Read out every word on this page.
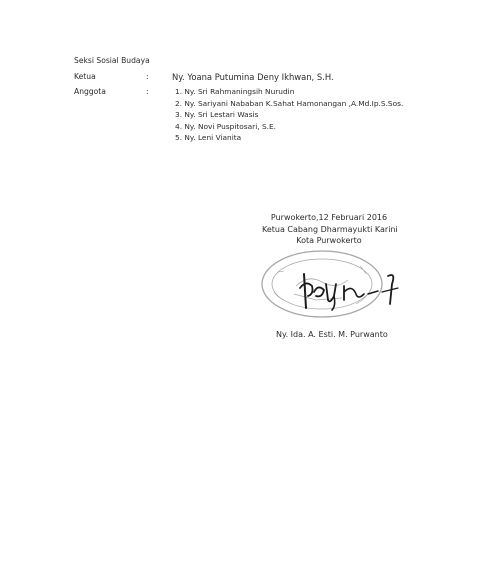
Seksi Sosial Budaya
Ketua	:	Ny. Yoana Putumina Deny Ikhwan, S.H.
Anggota	:	1. Ny. Sri Rahmaningsih Nurudin
2. Ny. Sariyani Nababan K.Sahat Hamonangan ,A.Md.Ip.S.Sos.
3. Ny. Sri Lestari Wasis
4. Ny. Novi Puspitosari, S.E.
5. Ny. Leni Vianita
Purwokerto,12 Februari 2016
Ketua Cabang Dharmayukti Karini
Kota Purwokerto
Ny. Ida. A. Esti. M. Purwanto
